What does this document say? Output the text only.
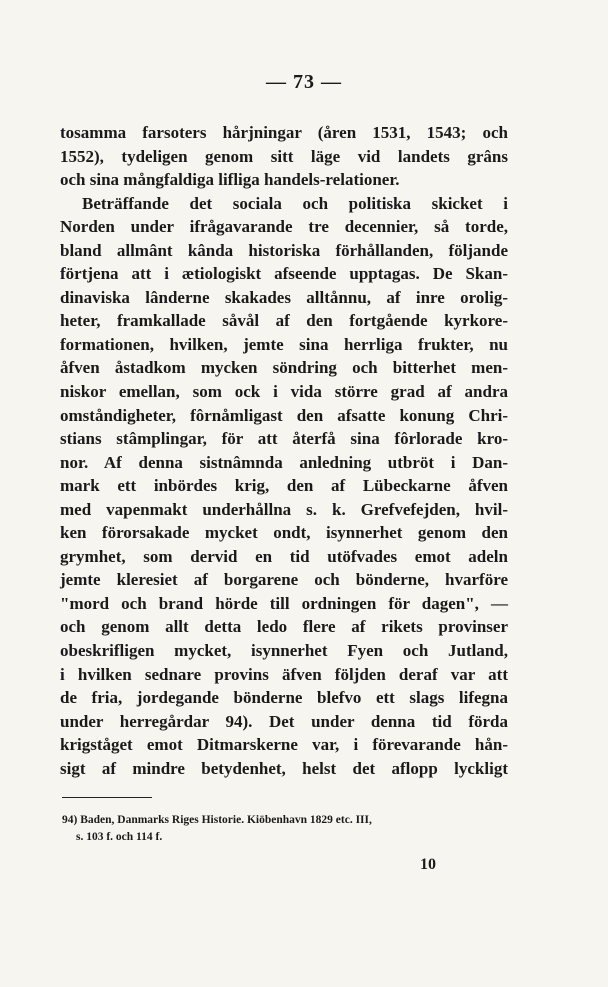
— 73 —
tosamma farsoters hårjningar (åren 1531, 1543; och
1552), tydeligen genom sitt läge vid landets grâns
och sina mångfaldiga lifliga handels-relationer.
Beträffande det sociala och politiska skicket i
Norden under ifrågavarande tre decennier, så torde,
bland allmânt kânda historiska förhållanden, följande
förtjena att i ætiologiskt afseende upptagas. De Skan-
dinaviska lânderne skakades alltånnu, af inre orolig-
heter, framkallade såvål af den fortgående kyrkore-
formationen, hvilken, jemte sina herrliga frukter, nu
åfven åstadkom mycken söndring och bitterhet men-
niskor emellan, som ock i vida större grad af andra
omståndigheter, fôrnåmligast den afsatte konung Chri-
stians stâmplingar, för att återfå sina fôrlorade kro-
nor. Af denna sistnâmnda anledning utbröt i Dan-
mark ett inbördes krig, den af Lübeckarne åfven
med vapenmakt underhållna s. k. Grefvefejden, hvil-
ken förorsakade mycket ondt, isynnerhet genom den
grymhet, som dervid en tid utöfvades emot adeln
jemte kleresiet af borgarene och bönderne, hvarföre
"mord och brand hörde till ordningen för dagen", —
och genom allt detta ledo flere af rikets provinser
obeskrifligen mycket, isynnerhet Fyen och Jutland,
i hvilken sednare provins äfven följden deraf var att
de fria, jordegande bönderne blefvo ett slags lifegna
under herregårdar 94). Det under denna tid förda
krigståget emot Ditmarskerne var, i förevarande hån-
sigt af mindre betydenhet, helst det aflopp lyckligt
94) Baden, Danmarks Riges Historie. Kiöbenhavn 1829 etc. III,
s. 103 f. och 114 f.
10
